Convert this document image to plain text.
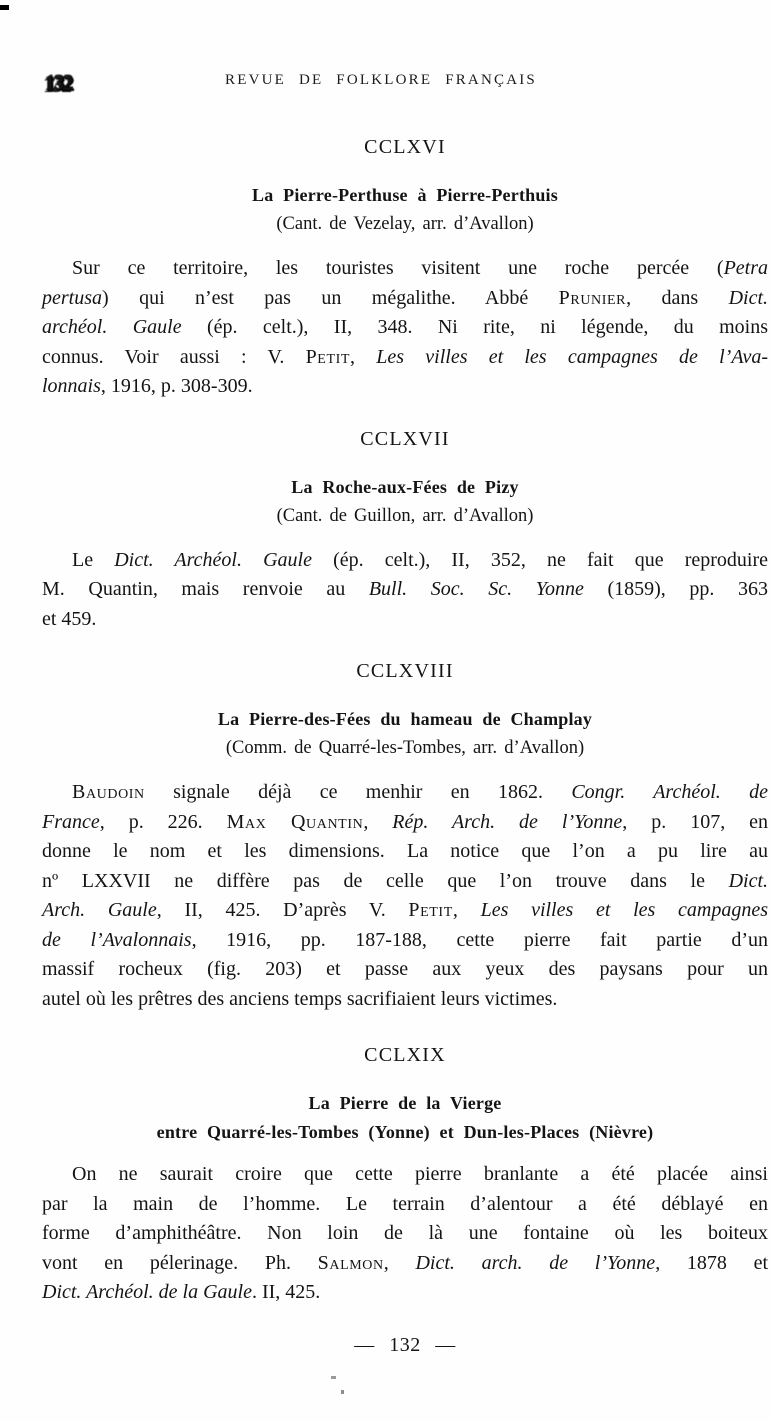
132	REVUE DE FOLKLORE FRANÇAIS
CCLXVI
La Pierre-Perthuse à Pierre-Perthuis
(Cant. de Vezelay, arr. d’Avallon)
Sur ce territoire, les touristes visitent une roche percée (Petra
pertusa) qui n’est pas un mégalithe. Abbé Prunier, dans Dict.
archéol. Gaule (ép. celt.), II, 348. Ni rite, ni légende, du moins
connus. Voir aussi : V. Petit, Les villes et les campagnes de l’Ava-
lonnais, 1916, p. 308-309.
CCLXVII
La Roche-aux-Fées de Pizy
(Cant. de Guillon, arr. d’Avallon)
Le Dict. Archéol. Gaule (ép. celt.), II, 352, ne fait que reproduire
M. Quantin, mais renvoie au Bull. Soc. Sc. Yonne (1859), pp. 363
et 459.
CCLXVIII
La Pierre-des-Fées du hameau de Champlay
(Comm. de Quarré-les-Tombes, arr. d’Avallon)
Baudoin signale déjà ce menhir en 1862. Congr. Archéol. de
France, p. 226. Max Quantin, Rép. Arch. de l’Yonne, p. 107, en
donne le nom et les dimensions. La notice que l’on a pu lire au
nº LXXVII ne diffère pas de celle que l’on trouve dans le Dict.
Arch. Gaule, II, 425. D’après V. Petit, Les villes et les campagnes
de l’Avalonnais, 1916, pp. 187-188, cette pierre fait partie d’un
massif rocheux (fig. 203) et passe aux yeux des paysans pour un
autel où les prêtres des anciens temps sacrifiaient leurs victimes.
CCLXIX
La Pierre de la Vierge
entre Quarré-les-Tombes (Yonne) et Dun-les-Places (Nièvre)
On ne saurait croire que cette pierre branlante a été placée ainsi
par la main de l’homme. Le terrain d’alentour a été déblayé en
forme d’amphithéâtre. Non loin de là une fontaine où les boiteux
vont en pélerinage. Ph. Salmon, Dict. arch. de l’Yonne, 1878 et
Dict. Archéol. de la Gaule. II, 425.
— 132 —
